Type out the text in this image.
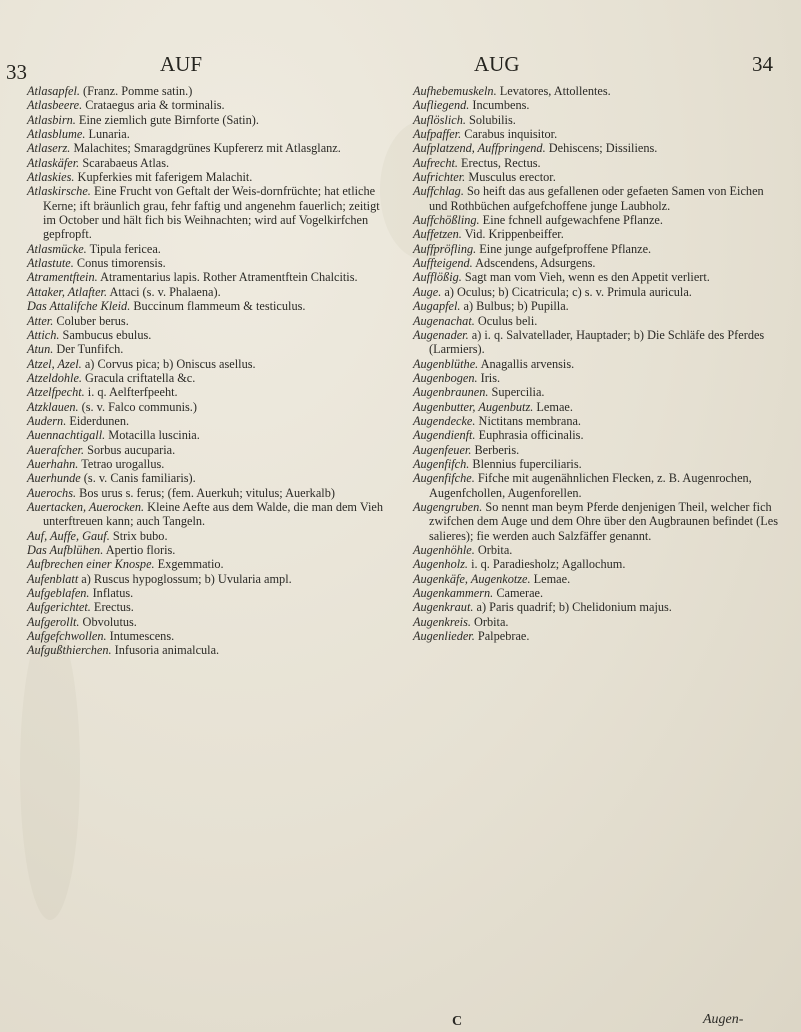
33	AUF	AUG	34

Atlasapfel. (Franz. Pomme satin.)

Atlasbeere. Crataegus aria & torminalis.

Atlasbirn. Eine ziemlich gute Birnforte (Satin).

Atlasblume. Lunaria.

Atlaserz. Malachites; Smaragdgrünes Kupfererz mit Atlasglanz.

Atlaskäfer. Scarabaeus Atlas.

Atlaskies. Kupferkies mit faferigem Malachit.

Atlaskirsche. Eine Frucht von Geftalt der Weis-dornfrüchte; hat etliche Kerne; ift bräunlich grau, fehr faftig und angenehm fauerlich; zeitigt im October und hält fich bis Weihnachten; wird auf Vogelkirfchen gepfropft.

Atlasmücke. Tipula fericea.

Atlastute. Conus timorensis.

Atramentftein. Atramentarius lapis. Rother Atramentftein Chalcitis.

Attaker, Atlafter. Attaci (s. v. Phalaena).

Das Attalifche Kleid. Buccinum flammeum & testiculus.

Atter. Coluber berus.

Attich. Sambucus ebulus.

Atun. Der Tunfifch.

Atzel, Azel. a) Corvus pica; b) Oniscus asellus.

Atzeldohle. Gracula criftatella &c.

Atzelfpecht. i. q. Aelfterfpeeht.

Atzklauen. (s. v. Falco communis.)

Audern. Eiderdunen.

Auennachtigall. Motacilla luscinia.

Auerafcher. Sorbus aucuparia.

Auerhahn. Tetrao urogallus.

Auerhunde (s. v. Canis familiaris).

Auerochs. Bos urus s. ferus; (fem. Auerkuh; vitulus; Auerkalb)

Auertacken, Auerocken. Kleine Aefte aus dem Walde, die man dem Vieh unterftreuen kann; auch Tangeln.

Auf, Auffe, Gauf. Strix bubo.

Das Aufblühen. Apertio floris.

Aufbrechen einer Knospe. Exgemmatio.

Aufenblatt a) Ruscus hypoglossum; b) Uvularia ampl.

Aufgeblafen. Inflatus.

Aufgerichtet. Erectus.

Aufgerollt. Obvolutus.

Aufgefchwollen. Intumescens.

Aufgußthierchen. Infusoria animalcula.

Aufhebemuskeln. Levatores, Attollentes.

Aufliegend. Incumbens.

Auflöslich. Solubilis.

Aufpaffer. Carabus inquisitor.

Aufplatzend, Auffpringend. Dehiscens; Dissiliens.

Aufrecht. Erectus, Rectus.

Aufrichter. Musculus erector.

Auffchlag. So heift das aus gefallenen oder gefaeten Samen von Eichen und Rothbüchen aufgefchoffene junge Laubholz.

Auffchößling. Eine fchnell aufgewachfene Pflanze.

Auffetzen. Vid. Krippenbeiffer.

Auffpröfling. Eine junge aufgefproffene Pflanze.

Auffteigend. Adscendens, Adsurgens.

Aufflößig. Sagt man vom Vieh, wenn es den Appetit verliert.

Auge. a) Oculus; b) Cicatricula; c) s. v. Primula auricula.

Augapfel. a) Bulbus; b) Pupilla.

Augenachat. Oculus beli.

Augenader. a) i. q. Salvatellader, Hauptader; b) Die Schläfe des Pferdes (Larmiers).

Augenblüthe. Anagallis arvensis.

Augenbogen. Iris.

Augenbraunen. Supercilia.

Augenbutter, Augenbutz. Lemae.

Augendecke. Nictitans membrana.

Augendienft. Euphrasia officinalis.

Augenfeuer. Berberis.

Augenfifch. Blennius fuperciliaris.

Augenfifche. Fifche mit augenähnlichen Flecken, z. B. Augenrochen, Augenfchollen, Augenforellen.

Augengruben. So nennt man beym Pferde denjenigen Theil, welcher fich zwifchen dem Auge und dem Ohre über den Augbraunen befindet (Les salieres); fie werden auch Salzfäffer genannt.

Augenhöhle. Orbita.

Augenholz. i. q. Paradiesholz; Agallochum.

Augenkäfe, Augenkotze. Lemae.

Augenkammern. Camerae.

Augenkraut. a) Paris quadrif; b) Chelidonium majus.

Augenkreis. Orbita.

Augenlieder. Palpebrae.

C	Augen-
